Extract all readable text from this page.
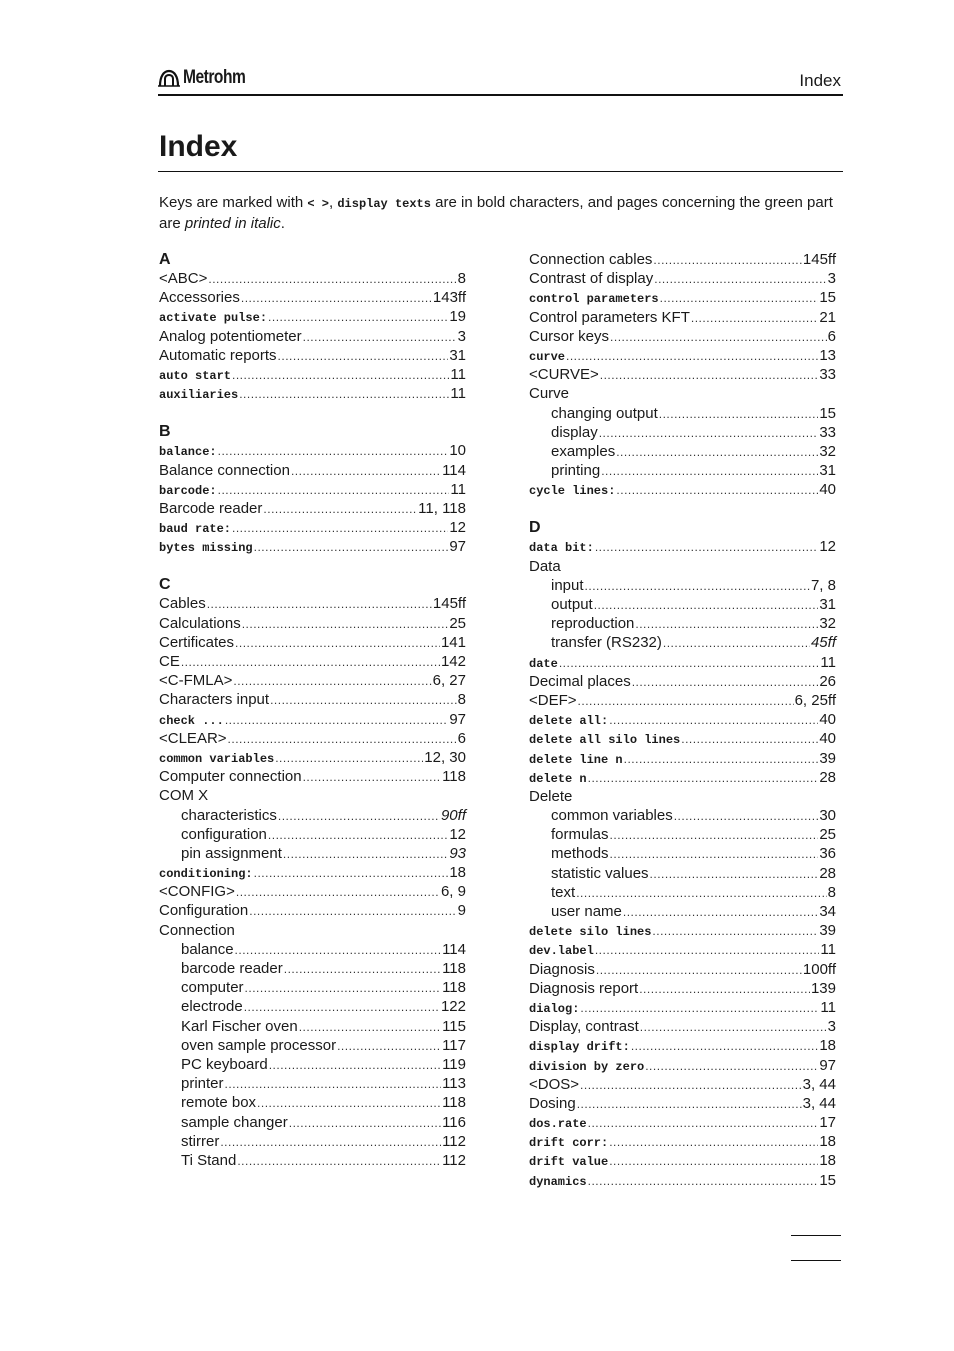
Metrohm	Index
Index

Keys are marked with < >, display texts are in bold characters, and pages concerning the green part are printed in italic.

A
<ABC> .....	8
Accessories .....	143ff
activate pulse: .....	19
Analog potentiometer .....	3
Automatic reports .....	31
auto start .....	11
auxiliaries .....	11
B
balance: .....	10
Balance connection .....	114
barcode: .....	11
Barcode reader .....	11, 118
baud rate: .....	12
bytes missing .....	97
C
Cables .....	145ff
Calculations .....	25
Certificates .....	141
CE .....	142
<C-FMLA> .....	6, 27
Characters input .....	8
check ... .....	97
<CLEAR> .....	6
common variables .....	12, 30
Computer connection .....	118
COM X
characteristics .....	90ff
configuration .....	12
pin assignment .....	93
conditioning: .....	18
<CONFIG> .....	6, 9
Configuration .....	9
Connection
balance .....	114
barcode reader .....	118
computer .....	118
electrode .....	122
Karl Fischer oven .....	115
oven sample processor .....	117
PC keyboard .....	119
printer .....	113
remote box .....	118
sample changer .....	116
stirrer .....	112
Ti Stand .....	112
Connection cables .....	145ff
Contrast of display .....	3
control parameters .....	15
Control parameters KFT .....	21
Cursor keys .....	6
curve .....	13
<CURVE> .....	33
Curve
changing output .....	15
display .....	33
examples .....	32
printing .....	31
cycle lines: .....	40
D
data bit: .....	12
Data
input .....	7, 8
output .....	31
reproduction .....	32
transfer (RS232) .....	45ff
date .....	11
Decimal places .....	26
<DEF> .....	6, 25ff
delete all: .....	40
delete all silo lines .....	40
delete line n .....	39
delete n .....	28
Delete
common variables .....	30
formulas .....	25
methods .....	36
statistic values .....	28
text .....	8
user name .....	34
delete silo lines .....	39
dev.label .....	11
Diagnosis .....	100ff
Diagnosis report .....	139
dialog: .....	11
Display, contrast .....	3
display drift: .....	18
division by zero .....	97
<DOS> .....	3, 44
Dosing .....	3, 44
dos.rate .....	17
drift corr: .....	18
drift value .....	18
dynamics .....	15
